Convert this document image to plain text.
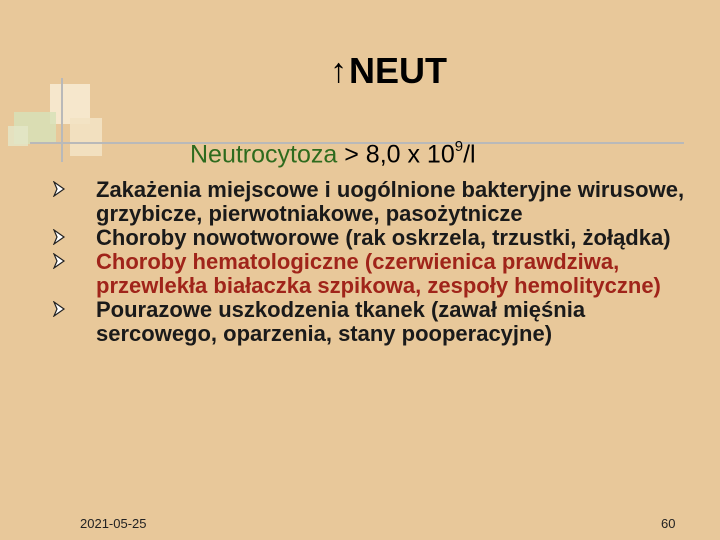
↑ NEUT
Neutrocytoza > 8,0 x $10^9/l$
Zakażenia miejscowe i uogólnione bakteryjne wirusowe, grzybicze, pierwotniakowe, pasożytnicze
Choroby nowotworowe (rak oskrzela, trzustki, żołądka)
Choroby hematologiczne (czerwienica prawdziwa, przewlekła białaczka szpikowa, zespoły hemolityczne)
Pourazowe uszkodzenia tkanek (zawał mięśnia sercowego, oparzenia, stany pooperacyjne)
2021-05-25	60
